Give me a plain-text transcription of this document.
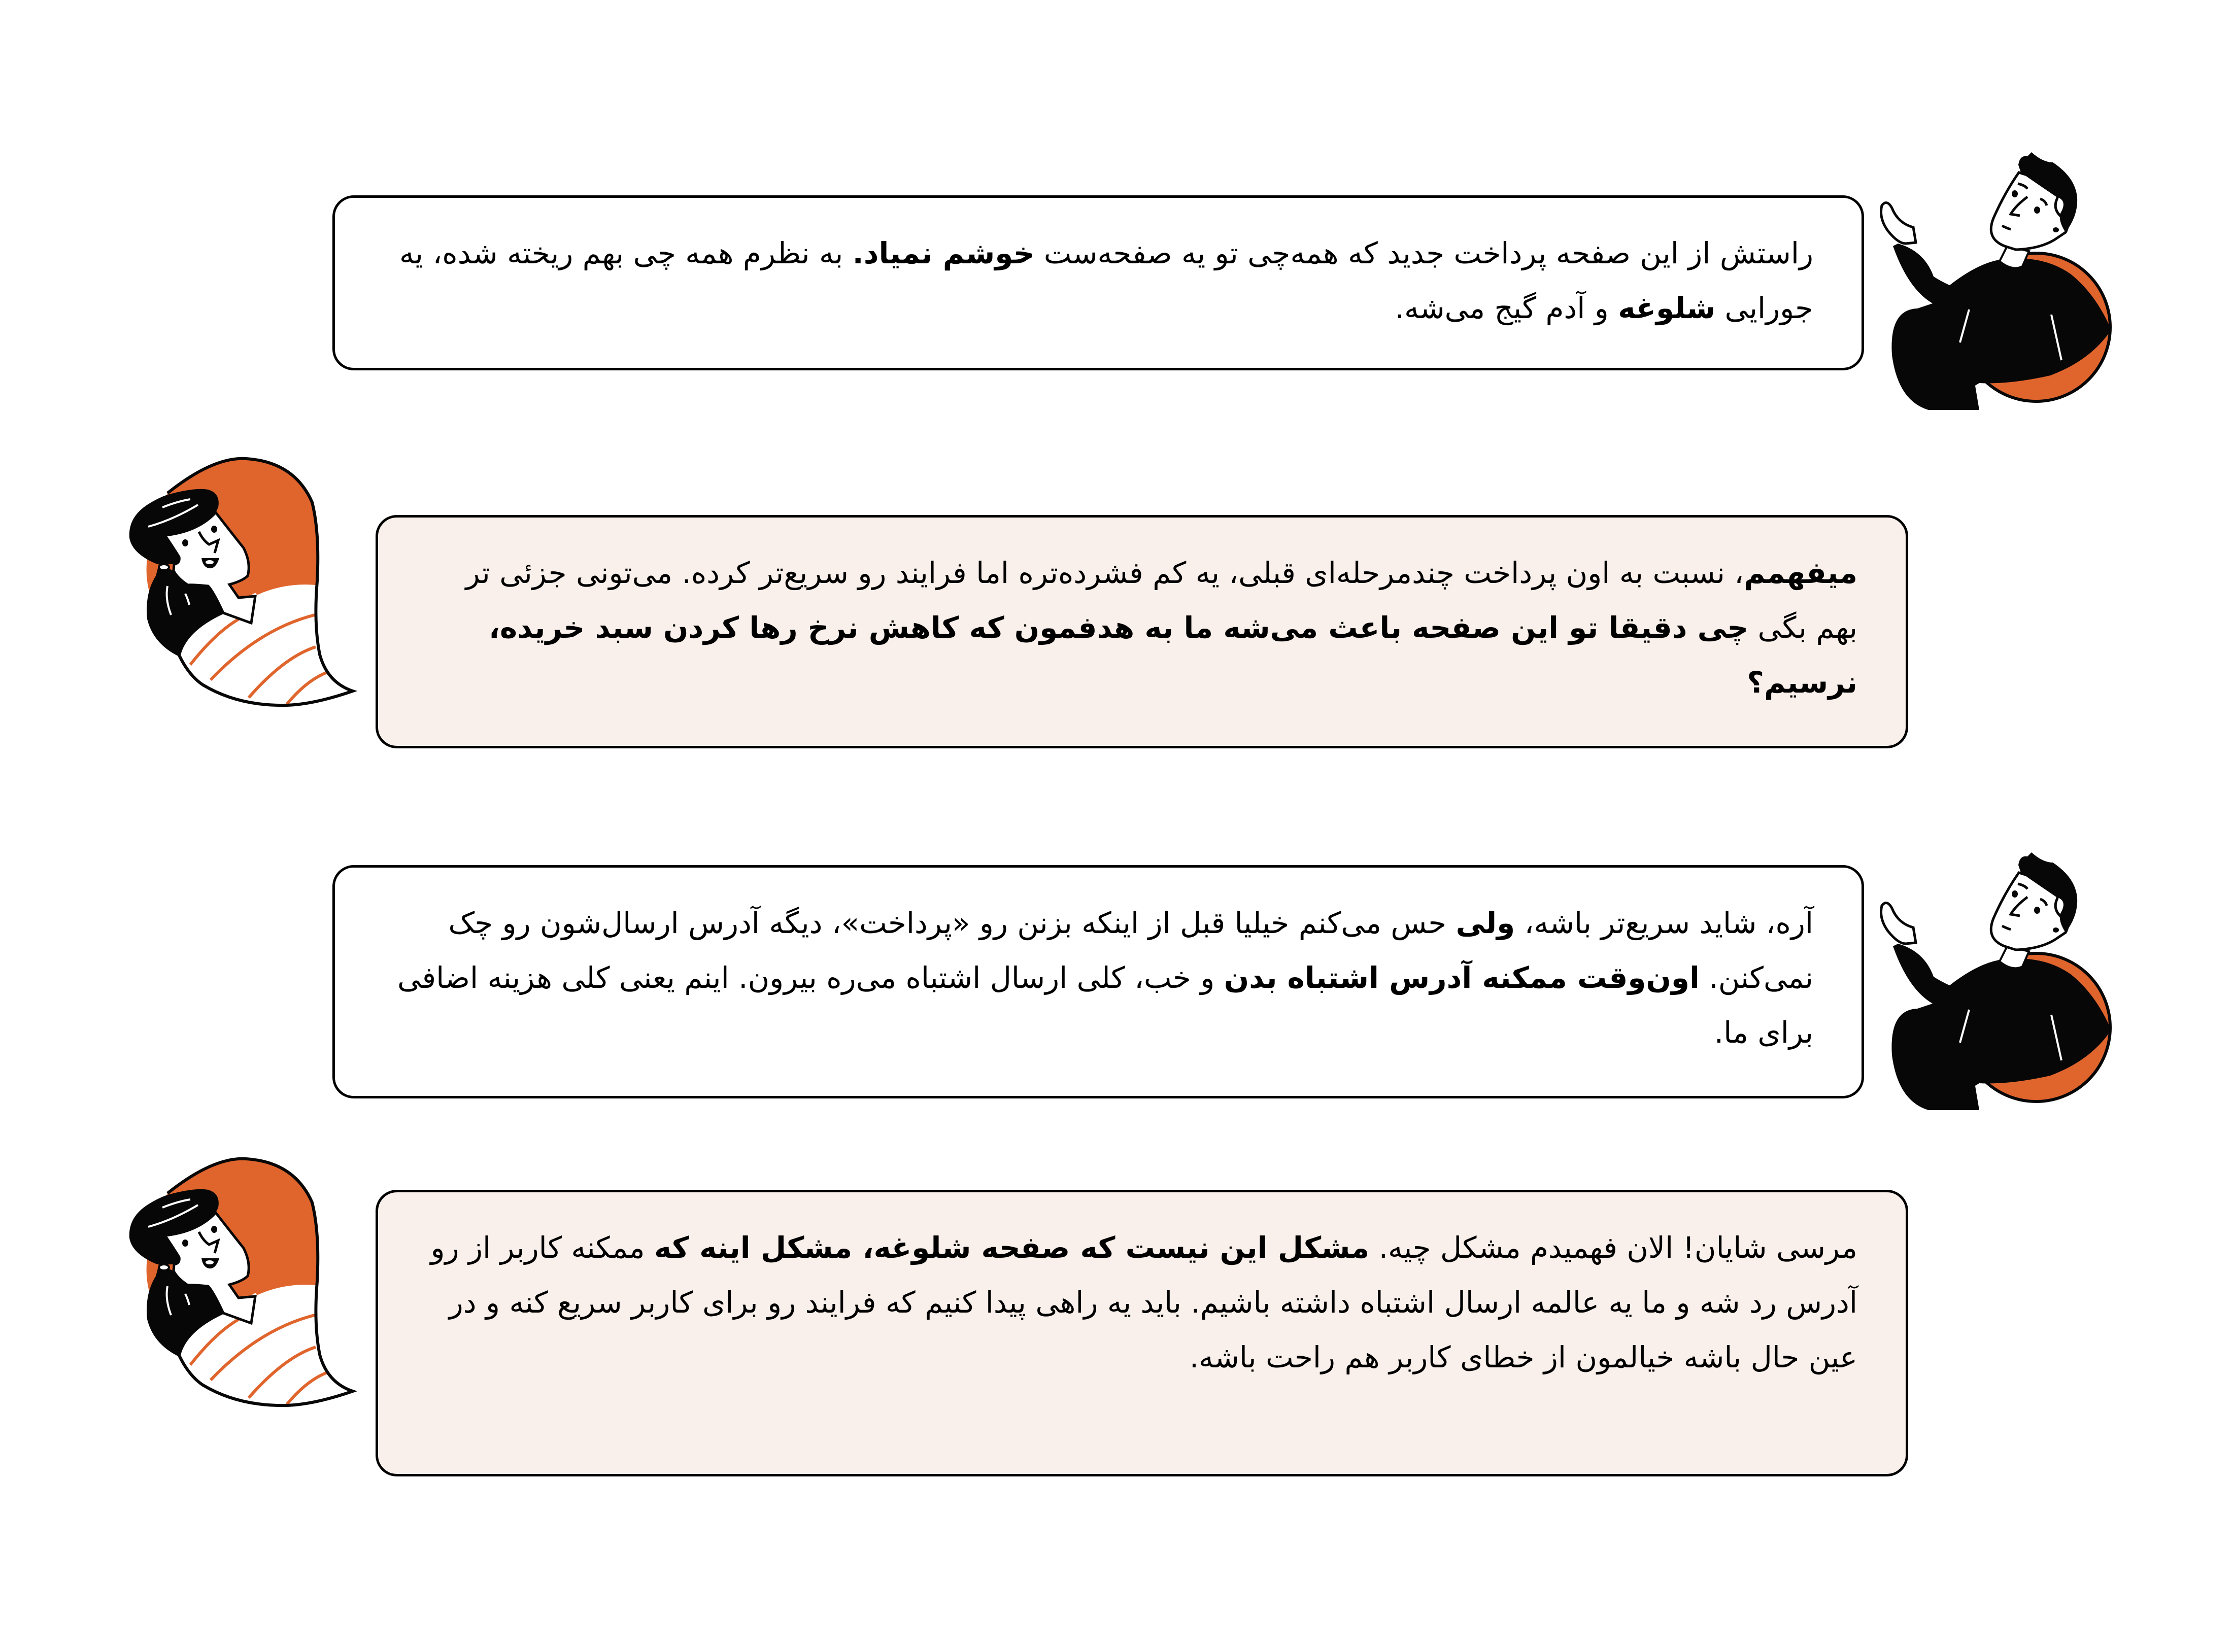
راستش از این صفحه پرداخت جدید که همه‌چی تو یه صفحه‌ست خوشم نمیاد. به نظرم همه چی بهم ریخته شده، یه جورایی شلوغه و آدم گیج می‌شه.
میفهمم، نسبت به اون پرداخت چندمرحله‌ای قبلی، یه کم فشرده‌تره اما فرایند رو سریع‌تر کرده. می‌تونی جزئی تر بهم بگی چی دقیقا تو این صفحه باعث می‌شه ما به هدفمون که کاهش نرخ رها کردن سبد خریده، نرسیم؟
آره، شاید سریع‌تر باشه، ولی حس می‌کنم خیلیا قبل از اینکه بزنن رو «پرداخت»، دیگه آدرس ارسال‌شون رو چک نمی‌کنن. اون‌وقت ممکنه آدرس اشتباه بدن و خب، کلی ارسال اشتباه می‌ره بیرون. اینم یعنی کلی هزینه اضافی برای ما.
مرسی شایان! الان فهمیدم مشکل چیه. مشکل این نیست که صفحه شلوغه، مشکل اینه که ممکنه کاربر از رو آدرس رد شه و ما یه عالمه ارسال اشتباه داشته باشیم. باید یه راهی پیدا کنیم که فرایند رو برای کاربر سریع کنه و در عین حال باشه خیالمون از خطای کاربر هم راحت باشه.
